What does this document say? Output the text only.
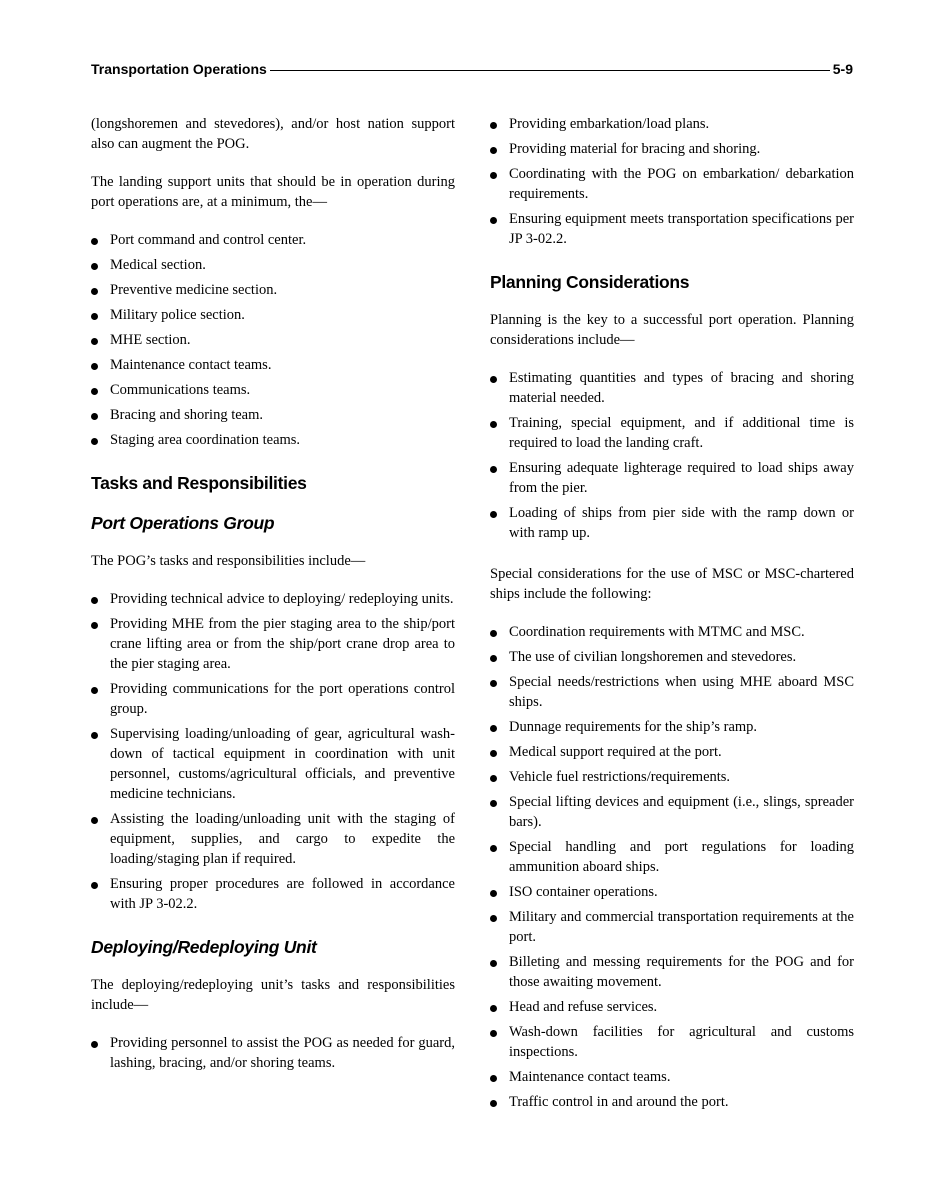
Transportation Operations	5-9

(longshoremen and stevedores), and/or host nation support also can augment the POG.

The landing support units that should be in operation during port operations are, at a minimum, the—

Port command and control center.
Medical section.
Preventive medicine section.
Military police section.
MHE section.
Maintenance contact teams.
Communications teams.
Bracing and shoring team.
Staging area coordination teams.
Tasks and Responsibilities
Port Operations Group

The POG’s tasks and responsibilities include—

Providing technical advice to deploying/ redeploying units.
Providing MHE from the pier staging area to the ship/port crane lifting area or from the ship/port crane drop area to the pier staging area.
Providing communications for the port operations control group.
Supervising loading/unloading of gear, agricultural wash-down of tactical equipment in coordination with unit personnel, customs/agricultural officials, and preventive medicine technicians.
Assisting the loading/unloading unit with the staging of equipment, supplies, and cargo to expedite the loading/staging plan if required.
Ensuring proper procedures are followed in accordance with JP 3-02.2.
Deploying/Redeploying Unit

The deploying/redeploying unit’s tasks and responsibilities include—

Providing personnel to assist the POG as needed for guard, lashing, bracing, and/or shoring teams.
Providing embarkation/load plans.
Providing material for bracing and shoring.
Coordinating with the POG on embarkation/ debarkation requirements.
Ensuring equipment meets transportation specifications per JP 3-02.2.
Planning Considerations

Planning is the key to a successful port operation. Planning considerations include—

Estimating quantities and types of bracing and shoring material needed.
Training, special equipment, and if additional time is required to load the landing craft.
Ensuring adequate lighterage required to load ships away from the pier.
Loading of ships from pier side with the ramp down or with ramp up.

Special considerations for the use of MSC or MSC-chartered ships include the following:

Coordination requirements with MTMC and MSC.
The use of civilian longshoremen and stevedores.
Special needs/restrictions when using MHE aboard MSC ships.
Dunnage requirements for the ship’s ramp.
Medical support required at the port.
Vehicle fuel restrictions/requirements.
Special lifting devices and equipment (i.e., slings, spreader bars).
Special handling and port regulations for loading ammunition aboard ships.
ISO container operations.
Military and commercial transportation requirements at the port.
Billeting and messing requirements for the POG and for those awaiting movement.
Head and refuse services.
Wash-down facilities for agricultural and customs inspections.
Maintenance contact teams.
Traffic control in and around the port.
